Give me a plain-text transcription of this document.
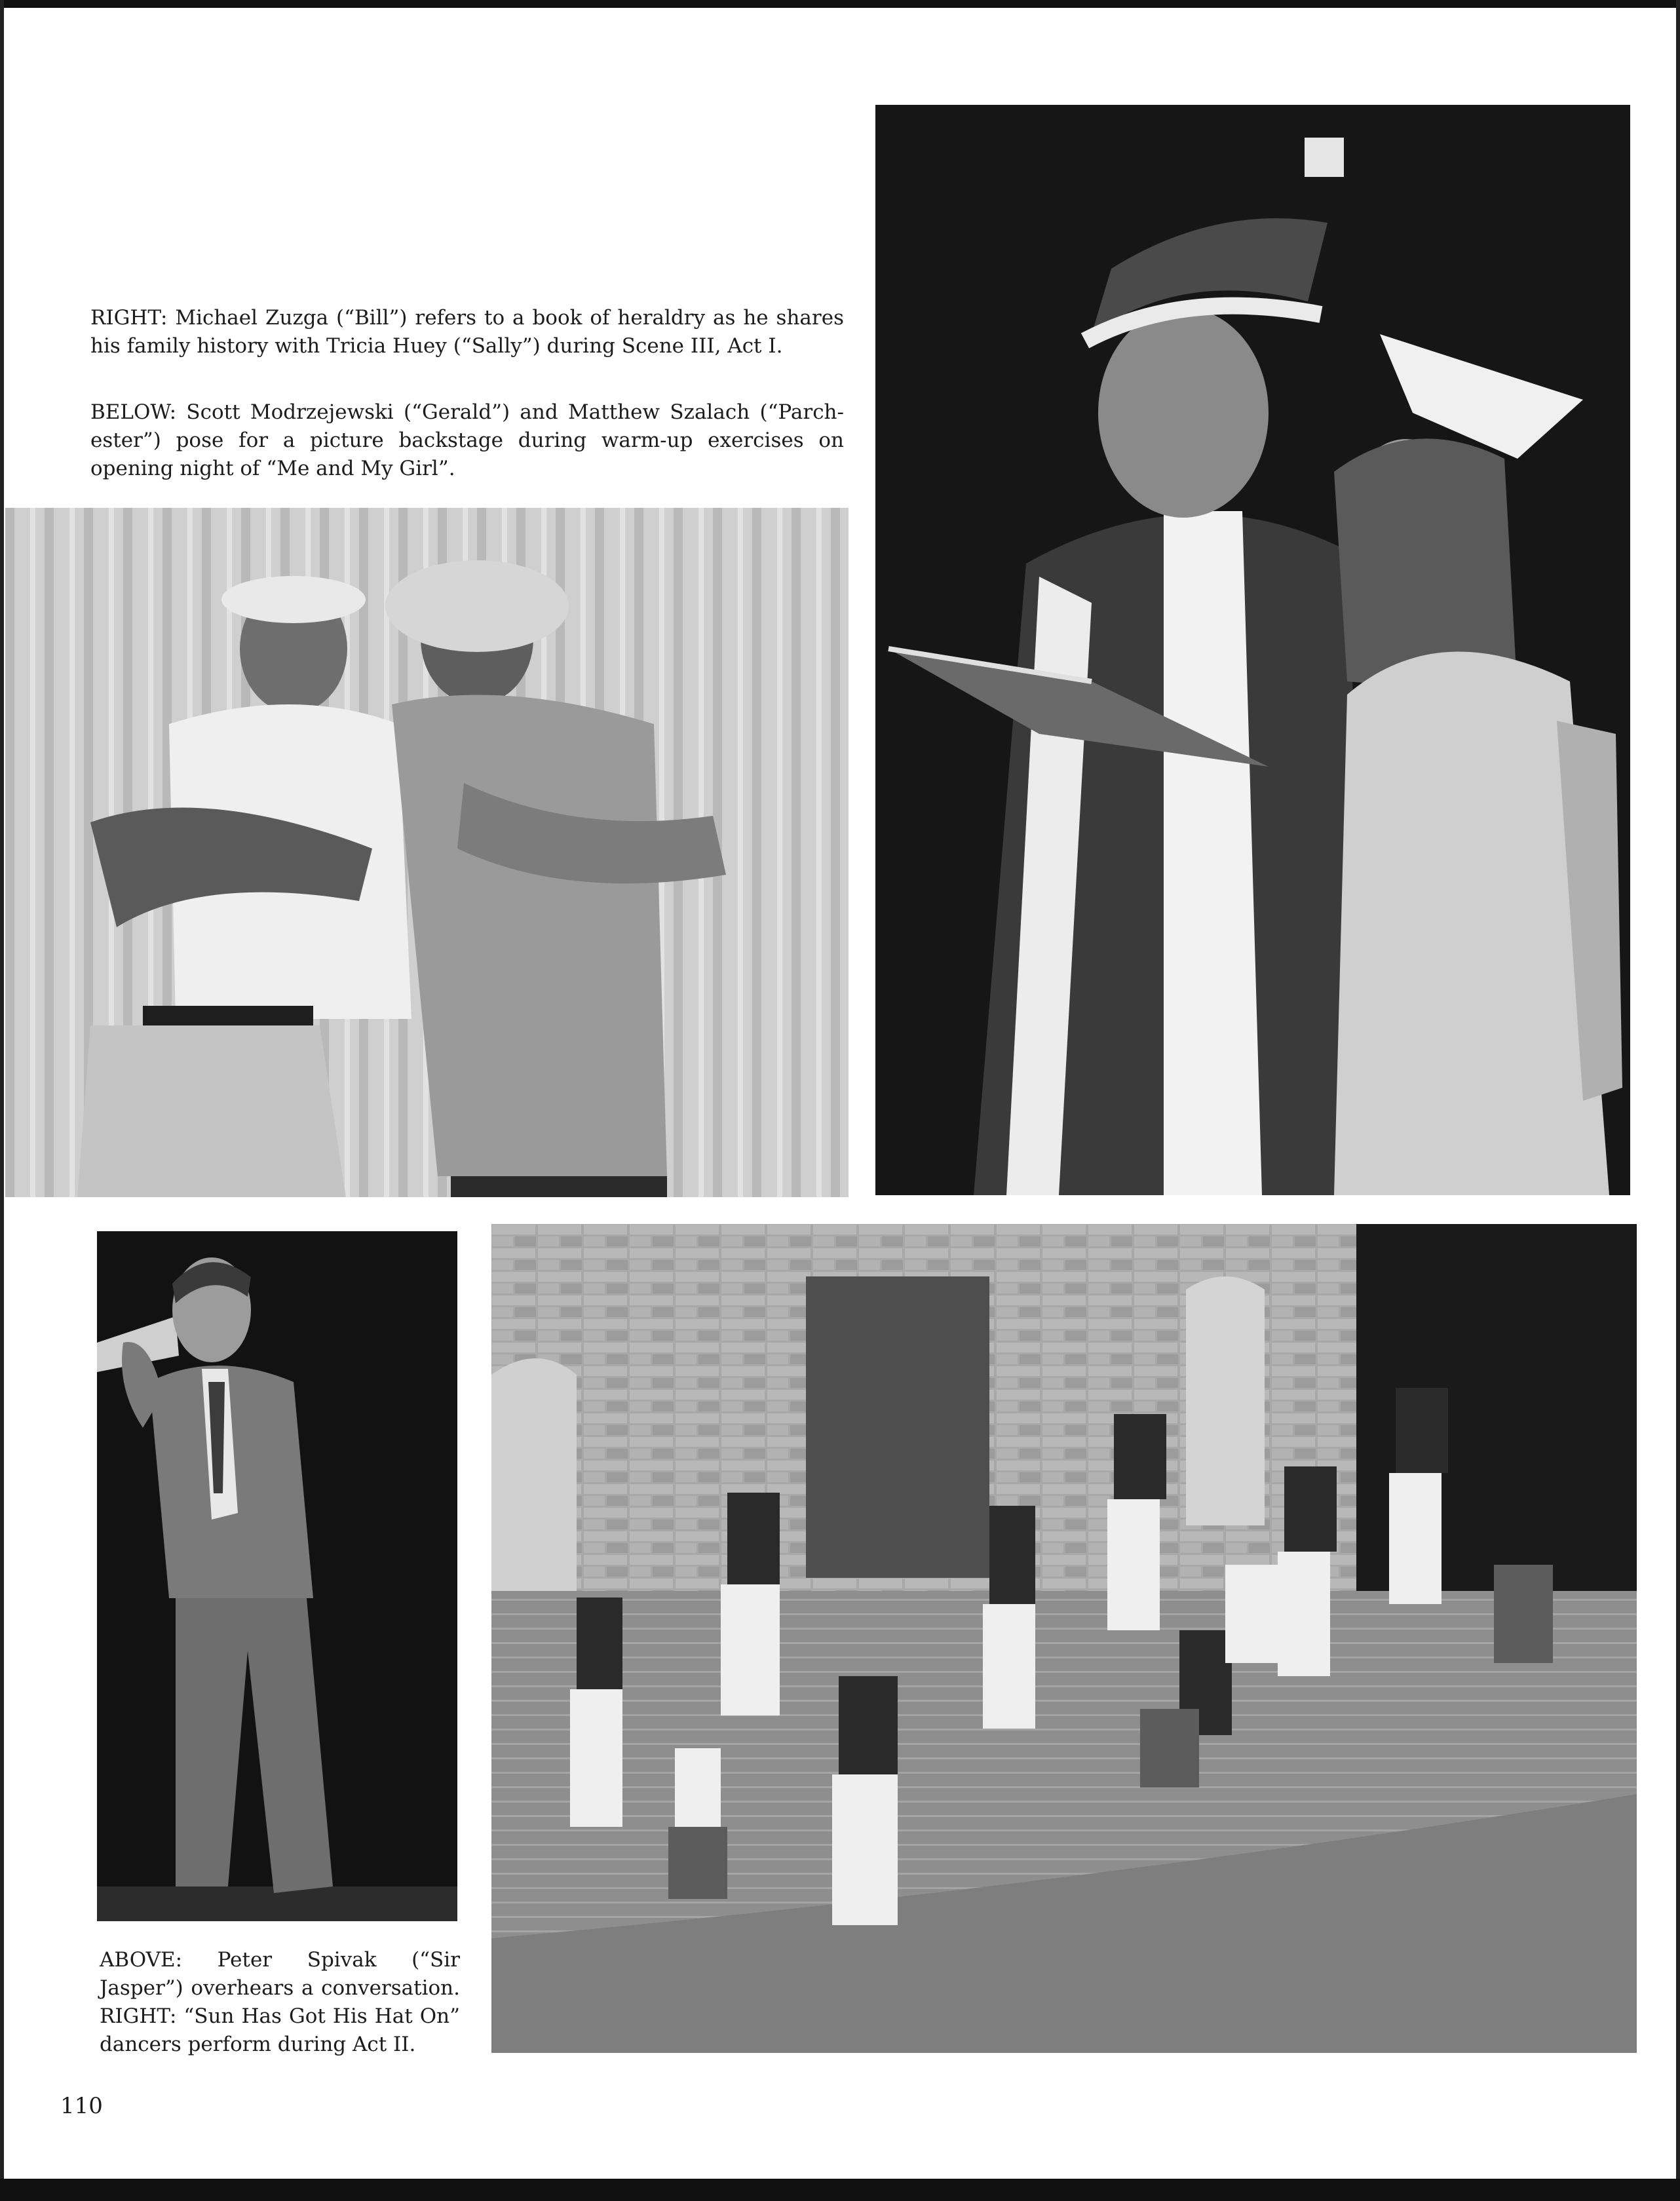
RIGHT: Michael Zuzga (“Bill”) refers to a book of heraldry as he shares his family history with Tricia Huey (“Sally”) during Scene III, Act I.

BELOW: Scott Modrzejewski (“Gerald”) and Matthew Szalach (“Parch-ester”) pose for a picture backstage during warm-up exercises on opening night of “Me and My Girl”.

ABOVE: Peter Spivak (“Sir Jasper”) overhears a conversation. RIGHT: “Sun Has Got His Hat On” dancers perform during Act II.
110
